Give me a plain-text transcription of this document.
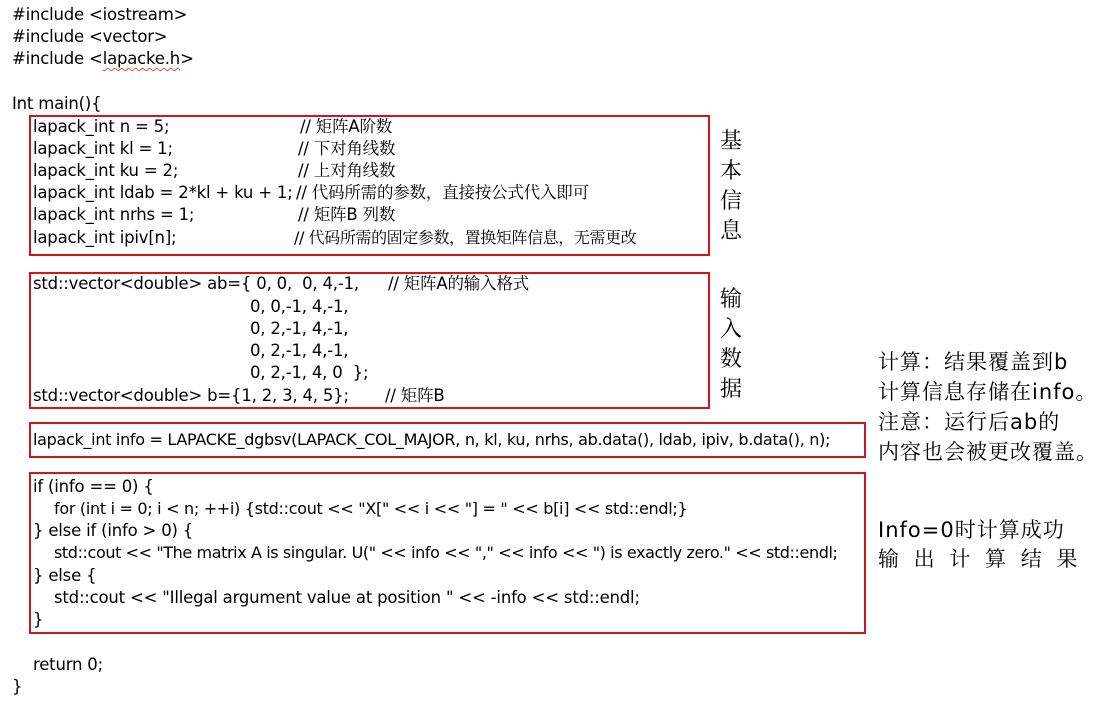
#include <iostream>
#include <vector>
#include <lapacke.h>
Int main(){
lapack_int n = 5;	// 矩阵A阶数
lapack_int kl = 1;	// 下对角线数
lapack_int ku = 2;	// 上对角线数
lapack_int ldab = 2*kl + ku + 1; // 代码所需的参数，直接按公式代入即可
lapack_int nrhs = 1;	// 矩阵B 列数
lapack_int ipiv[n];	// 代码所需的固定参数，置换矩阵信息，无需更改
基本信息
std::vector<double> ab={ 0, 0,  0, 4,-1, // 矩阵A的输入格式
0, 0,-1, 4,-1,
0, 2,-1, 4,-1,
0, 2,-1, 4,-1,
0, 2,-1, 4, 0  };
std::vector<double> b={1, 2, 3, 4, 5}; // 矩阵B
输入数据
lapack_int info = LAPACKE_dgbsv(LAPACK_COL_MAJOR, n, kl, ku, nrhs, ab.data(), ldab, ipiv, b.data(), n);
if (info == 0) {
for (int i = 0; i < n; ++i) {std::cout << "X[" << i << "] = " << b[i] << std::endl;}
} else if (info > 0) {
std::cout << "The matrix A is singular. U(" << info << "," << info << ") is exactly zero." << std::endl;
} else {
std::cout << "Illegal argument value at position " << -info << std::endl;
}
return 0;
}
计算：结果覆盖到b
计算信息存储在info。
注意：运行后ab的
内容也会被更改覆盖。
Info=0时计算成功
输 出 计 算 结 果
